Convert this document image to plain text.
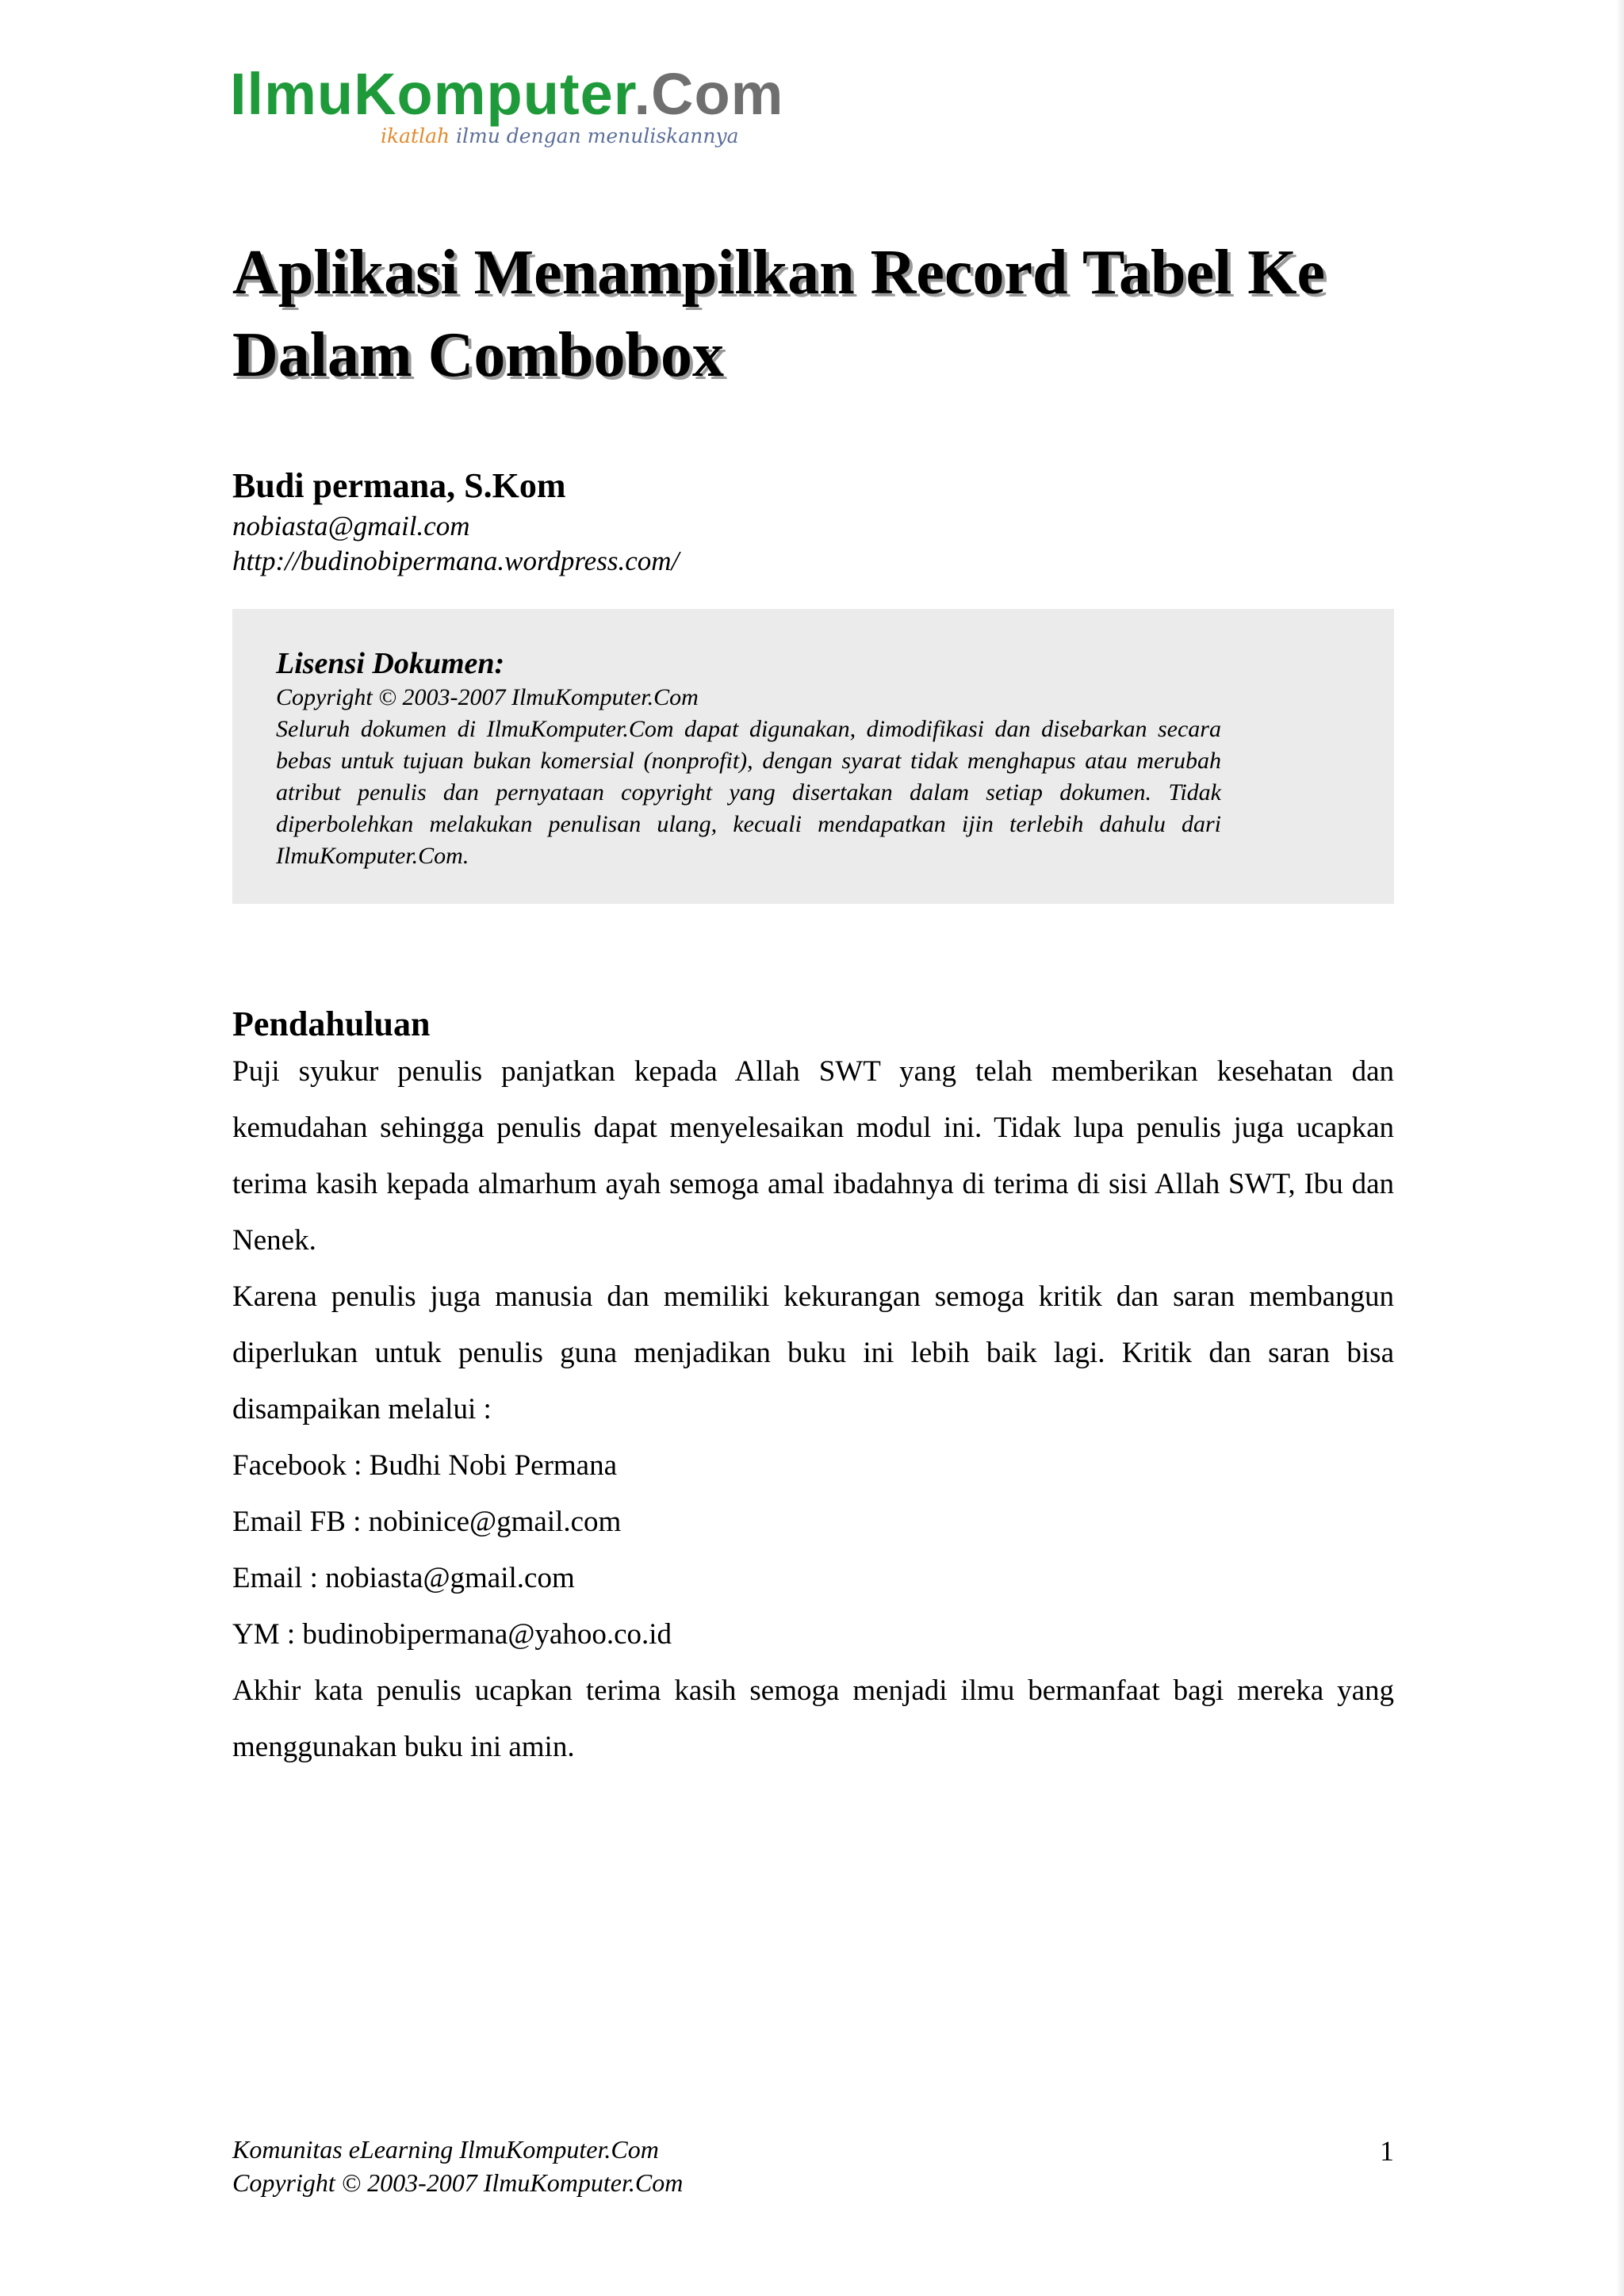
IlmuKomputer.Com
ikatlah ilmu dengan menuliskannya
Aplikasi Menampilkan Record Tabel Ke Dalam Combobox

Budi permana, S.Kom

nobiasta@gmail.com

http://budinobipermana.wordpress.com/

Lisensi Dokumen:

Copyright © 2003-2007 IlmuKomputer.Com

Seluruh dokumen di IlmuKomputer.Com dapat digunakan, dimodifikasi dan disebarkan secara bebas untuk tujuan bukan komersial (nonprofit), dengan syarat tidak menghapus atau merubah atribut penulis dan pernyataan copyright yang disertakan dalam setiap dokumen. Tidak diperbolehkan melakukan penulisan ulang, kecuali mendapatkan ijin terlebih dahulu dari IlmuKomputer.Com.

Pendahuluan

Puji syukur penulis panjatkan kepada Allah SWT yang telah memberikan kesehatan dan kemudahan sehingga penulis dapat menyelesaikan modul ini. Tidak lupa penulis juga ucapkan terima kasih kepada almarhum ayah semoga amal ibadahnya di terima di sisi Allah SWT, Ibu dan Nenek.

Karena penulis juga manusia dan memiliki kekurangan semoga kritik dan saran membangun diperlukan untuk penulis guna menjadikan buku ini lebih baik lagi. Kritik dan saran bisa disampaikan melalui :

Facebook : Budhi Nobi Permana

Email FB : nobinice@gmail.com

Email : nobiasta@gmail.com

YM : budinobipermana@yahoo.co.id

Akhir kata penulis ucapkan terima kasih semoga menjadi ilmu bermanfaat bagi mereka yang menggunakan buku ini amin.

Komunitas eLearning IlmuKomputer.Com

Copyright © 2003-2007 IlmuKomputer.Com

1
